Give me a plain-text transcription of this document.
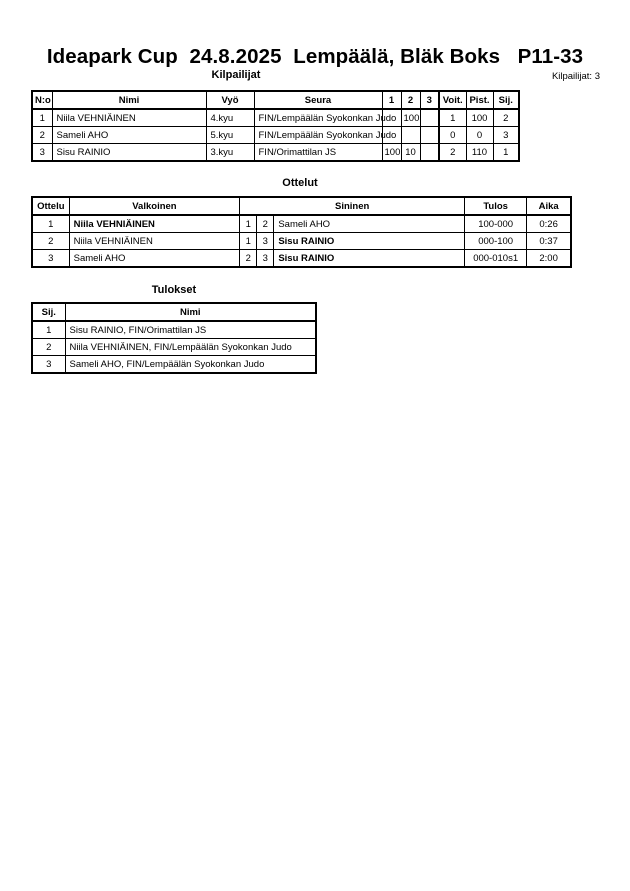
Ideapark Cup  24.8.2025  Lempäälä, Bläk Boks   P11-33
Kilpailijat	Kilpailijat: 3
N:o	Nimi	Vyö	Seura	1	2	3	Voit.	Pist.	Sij.
1	Niila VEHNIÄINEN	4.kyu	FIN/Lempäälän Syokonkan Judo		100		1	100	2
2	Sameli AHO	5.kyu	FIN/Lempäälän Syokonkan Judo				0	0	3
3	Sisu RAINIO	3.kyu	FIN/Orimattilan JS	100	10		2	110	1
Ottelut
Ottelu	Valkoinen	Sininen			Tulos	Aika
1	Niila VEHNIÄINEN	1	2	Sameli AHO	100-000	0:26
2	Niila VEHNIÄINEN	1	3	Sisu RAINIO	000-100	0:37
3	Sameli AHO	2	3	Sisu RAINIO	000-010s1	2:00
Tulokset
Sij.	Nimi
1	Sisu RAINIO, FIN/Orimattilan JS
2	Niila VEHNIÄINEN, FIN/Lempäälän Syokonkan Judo
3	Sameli AHO, FIN/Lempäälän Syokonkan Judo
